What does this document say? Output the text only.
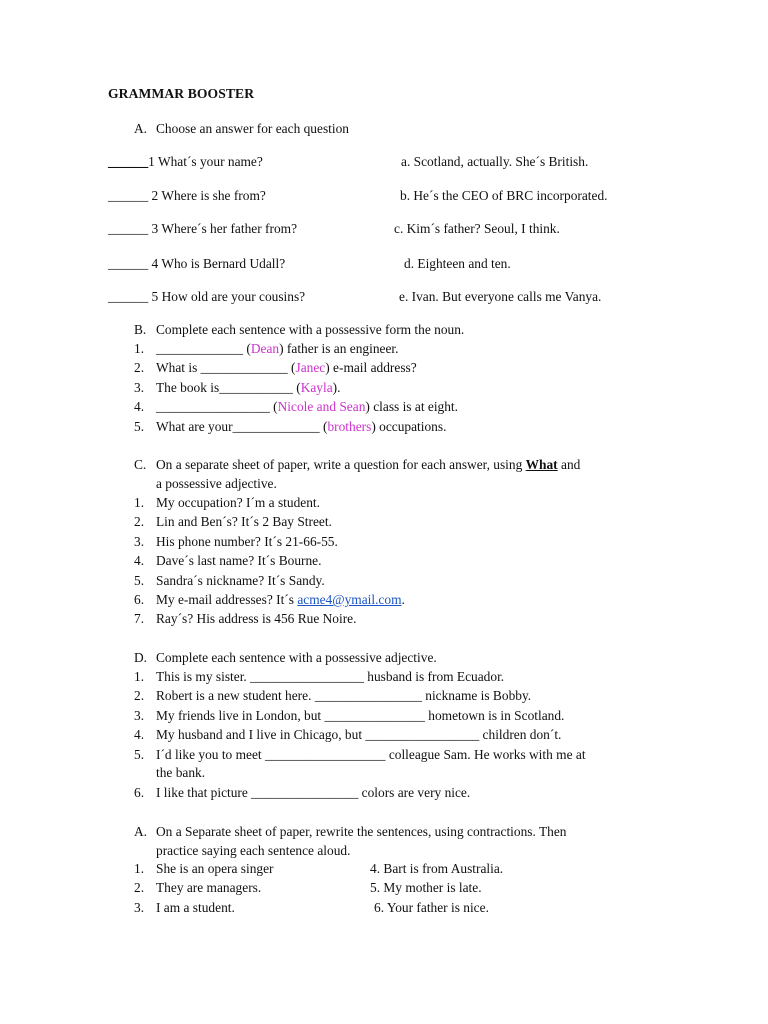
GRAMMAR BOOSTER
A. Choose an answer for each question
______1 What´s your name?	a. Scotland, actually. She´s British.
______ 2 Where is she from?	b. He´s the CEO of BRC incorporated.
______ 3 Where´s her father from?	c. Kim´s father? Seoul, I think.
______ 4 Who is Bernard Udall?	d. Eighteen and ten.
______ 5 How old are your cousins?	e. Ivan. But everyone calls me Vanya.
B. Complete each sentence with a possessive form the noun.
1. _____________ (Dean) father is an engineer.
2. What is _____________ (Janec) e-mail address?
3. The book is___________ (Kayla).
4. _________________ (Nicole and Sean) class is at eight.
5. What are your_____________ (brothers) occupations.
C. On a separate sheet of paper, write a question for each answer, using What and
a possessive adjective.
1. My occupation? I´m a student.
2. Lin and Ben´s? It´s 2 Bay Street.
3. His phone number? It´s 21-66-55.
4. Dave´s last name? It´s Bourne.
5. Sandra´s nickname? It´s Sandy.
6. My e-mail addresses? It´s acme4@ymail.com.
7. Ray´s? His address is 456 Rue Noire.
D. Complete each sentence with a possessive adjective.
1. This is my sister. _________________ husband is from Ecuador.
2. Robert is a new student here. ________________ nickname is Bobby.
3. My friends live in London, but _______________ hometown is in Scotland.
4. My husband and I live in Chicago, but _________________ children don´t.
5. I´d like you to meet __________________ colleague Sam. He works with me at
the bank.
6. I like that picture ________________ colors are very nice.
A. On a Separate sheet of paper, rewrite the sentences, using contractions. Then
practice saying each sentence aloud.
1. She is an opera singer	4. Bart is from Australia.
2. They are managers.	5. My mother is late.
3. I am a student.	6. Your father is nice.
